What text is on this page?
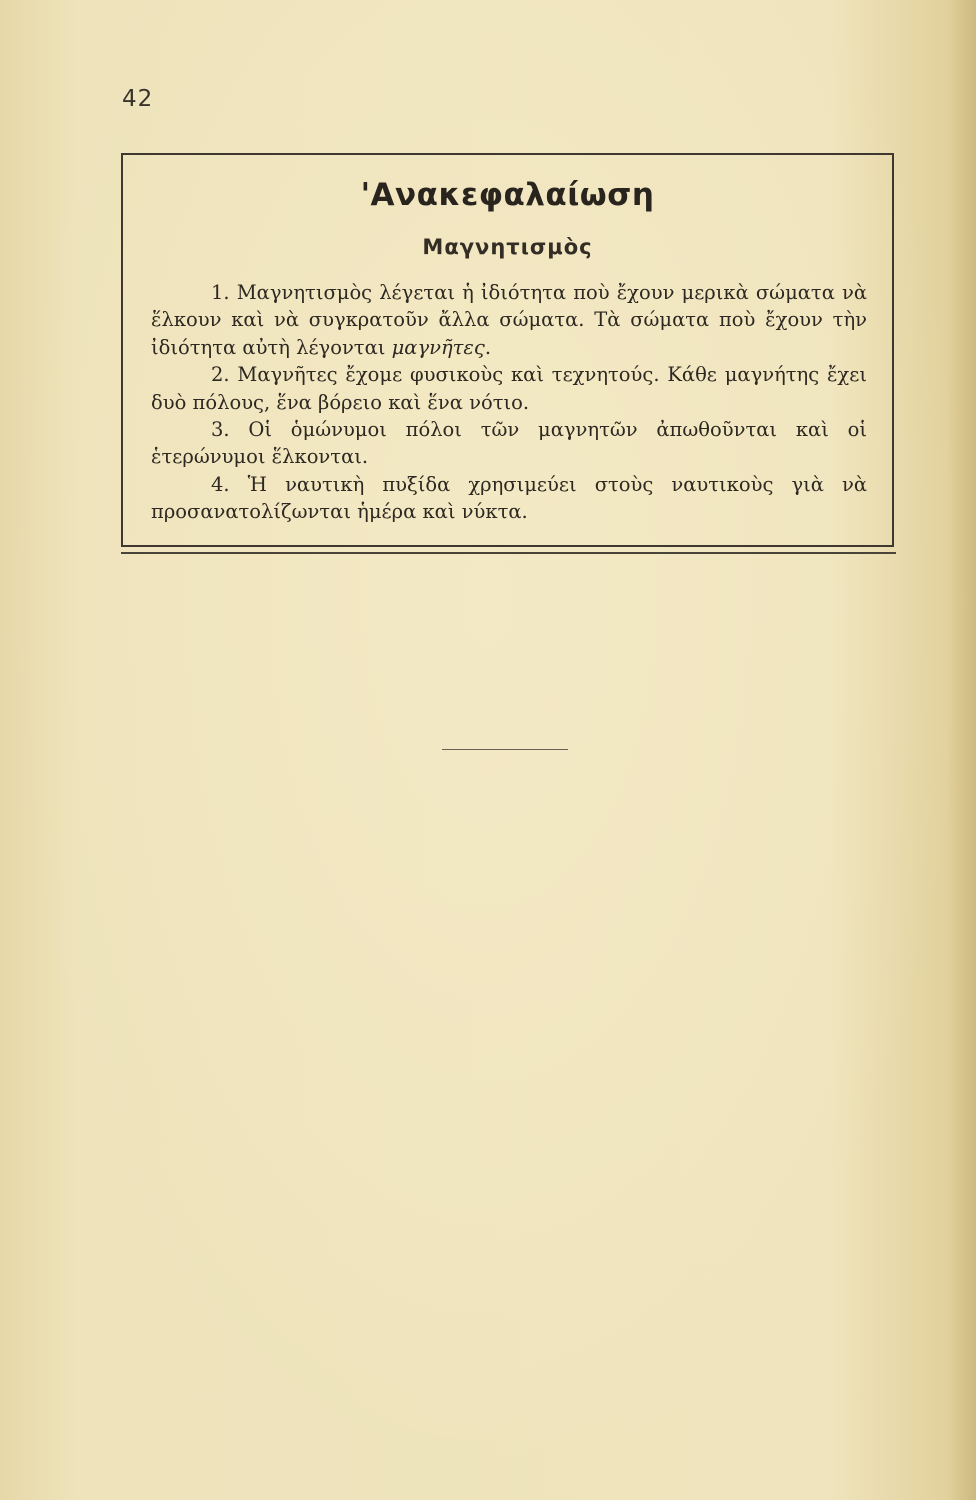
42
'Ανακεφαλαίωση
Μαγνητισμὸς

1. Μαγνητισμὸς λέγεται ἡ ἰδιότητα ποὺ ἔχουν μερικὰ σώματα νὰ ἕλκουν καὶ νὰ συγκρατοῦν ἄλλα σώματα. Τὰ σώματα ποὺ ἔχουν τὴν ἰδιότητα αὐτὴ λέγονται μαγνῆτες.

2. Μαγνῆτες ἔχομε φυσικοὺς καὶ τεχνητούς. Κάθε μαγνήτης ἔχει δυὸ πόλους, ἕνα βόρειο καὶ ἕνα νότιο.

3. Οἱ ὁμώνυμοι πόλοι τῶν μαγνητῶν ἀπωθοῦνται καὶ οἱ ἑτερώνυμοι ἕλκονται.

4. Ἡ ναυτικὴ πυξίδα χρησιμεύει στοὺς ναυτικοὺς γιὰ νὰ προσανατολίζωνται ἡμέρα καὶ νύκτα.
